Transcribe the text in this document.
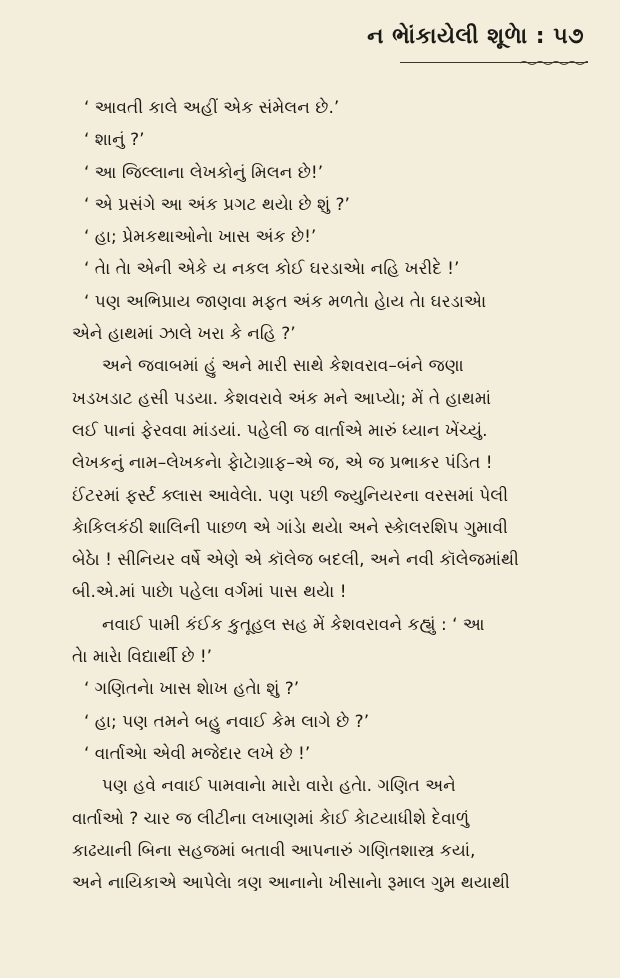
ન ભેાંકાયેલી શૂળેા : ૫૭
‘ આવતી કાલે અહીં એક સંમેલન છે.’
‘ શાનું ?’
‘ આ જિલ્લાના લેખકોનું મિલન છે!’
‘ એ પ્રસંગે આ અંક પ્રગટ થયેા છે શું ?’
‘ હા; પ્રેમકથાઓનેા ખાસ અંક છે!’
‘ તેા તેા એની એકે ય નકલ કોઈ ઘરડાએા નહિ ખરીદે !’
‘ પણ અભિપ્રાય જાણવા મફત અંક મળતેા હેાય તેા ઘરડાએા
એને હાથમાં ઝાલે ખરા કે નહિ ?’
અને જવાબમાં હું અને મારી સાથે કેશવરાવ–બંને જણા
ખડખડાટ હસી પડયા. કેશવરાવે અંક મને આપ્યેા; મેં તે હાથમાં
લઈ પાનાં ફેરવવા માંડયાં. પહેલી જ વાર્તાએ મારું ધ્યાન ખેંચ્યું.
લેખકનું નામ–લેખકનેા ફેાટેાગ્રાફ–એ જ, એ જ પ્રભાકર પંડિત !
ઈંટરમાં ફર્સ્ટ ક્લાસ આવેલેા. પણ પછી જ્યુનિયરના વરસમાં પેલી
કેાકિલકંઠી શાલિની પાછળ એ ગાંડેા થયેા અને સ્કેાલરશિપ ગુમાવી
બેઠેા ! સીનિયર વર્ષે એણે એ કૉલેજ બદલી, અને નવી કૉલેજમાંથી
બી.એ.માં પાછેા પહેલા વર્ગમાં પાસ થયેા !
નવાઈ પામી કંઈક કુતૂહલ સહ મેં કેશવરાવને કહ્યું : ‘ આ
તેા મારેા વિદ્યાર્થી છે !’
‘ ગણિતનેા ખાસ શેાખ હતેા શું ?’
‘ હા; પણ તમને બહુ નવાઈ કેમ લાગે છે ?’
‘ વાર્તાએા એવી મજેદાર લખે છે !’
પણ હવે નવાઈ પામવાનેા મારેા વારેા હતેા. ગણિત અને
વાર્તાઓ ? ચાર જ લીટીના લખાણમાં કેાઈ કેાટયાધીશે દેવાળું
કાઢયાની બિના સહજમાં બતાવી આપનારું ગણિતશાસ્ત્ર કયાં,
અને નાયિકાએ આપેલેા ત્રણ આનાનેા ખીસાનેા રૂમાલ ગુમ થયાથી
